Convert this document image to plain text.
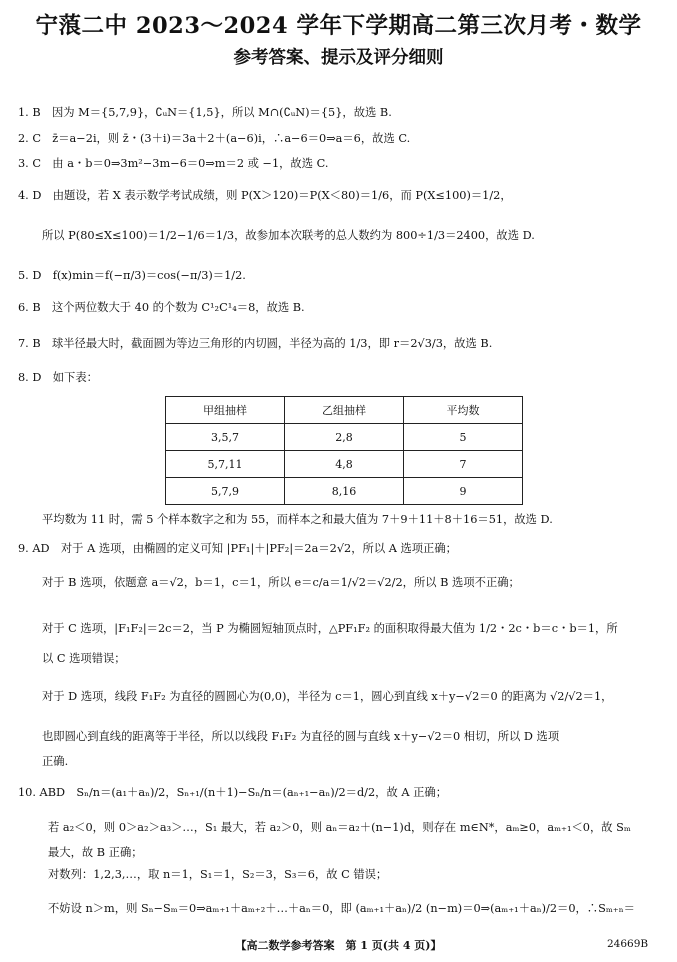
宁蒗二中 2023～2024 学年下学期高二第三次月考・数学
参考答案、提示及评分细则
1. B　因为 M＝{5,7,9}，∁ᵤN＝{1,5}，所以 M∩(∁ᵤN)＝{5}，故选 B.
2. C　z̄＝a−2i，则 z̄・(3＋i)＝3a＋2＋(a−6)i，∴a−6＝0⇒a＝6，故选 C.
3. C　由 a・b＝0⇒3m²−3m−6＝0⇒m＝2 或 −1，故选 C.
4. D　由题设，若 X 表示数学考试成绩，则 P(X＞120)＝P(X＜80)＝1/6，而 P(X≤100)＝1/2，
所以 P(80≤X≤100)＝1/2−1/6＝1/3，故参加本次联考的总人数约为 800÷1/3＝2400，故选 D.
5. D　f(x)min＝f(−π/3)＝cos(−π/3)＝1/2.
6. B　这个两位数大于 40 的个数为 C¹₂C¹₄＝8，故选 B.
7. B　球半径最大时，截面圆为等边三角形的内切圆，半径为高的 1/3，即 r＝2√3/3，故选 B.
8. D　如下表：
甲组抽样	乙组抽样	平均数
3,5,7	2,8	5
5,7,11	4,8	7
5,7,9	8,16	9
平均数为 11 时，需 5 个样本数字之和为 55，而样本之和最大值为 7＋9＋11＋8＋16＝51，故选 D.
9. AD　对于 A 选项，由椭圆的定义可知 |PF₁|＋|PF₂|＝2a＝2√2，所以 A 选项正确；
对于 B 选项，依题意 a＝√2，b＝1，c＝1，所以 e＝c/a＝1/√2＝√2/2，所以 B 选项不正确；
对于 C 选项，|F₁F₂|＝2c＝2，当 P 为椭圆短轴顶点时，△PF₁F₂ 的面积取得最大值为 1/2・2c・b＝c・b＝1，所
以 C 选项错误；
对于 D 选项，线段 F₁F₂ 为直径的圆圆心为(0,0)，半径为 c＝1，圆心到直线 x＋y−√2＝0 的距离为 √2/√2＝1，
也即圆心到直线的距离等于半径，所以以线段 F₁F₂ 为直径的圆与直线 x＋y−√2＝0 相切，所以 D 选项
正确.
10. ABD　Sₙ/n＝(a₁＋aₙ)/2，Sₙ₊₁/(n＋1)−Sₙ/n＝(aₙ₊₁−aₙ)/2＝d/2，故 A 正确；
若 a₂＜0，则 0＞a₂＞a₃＞…，S₁ 最大，若 a₂＞0，则 aₙ＝a₂＋(n−1)d，则存在 m∈N*，aₘ≥0，aₘ₊₁＜0，故 Sₘ
最大，故 B 正确；
对数列：1,2,3,…，取 n＝1，S₁＝1，S₂＝3，S₃＝6，故 C 错误；
不妨设 n＞m，则 Sₙ−Sₘ＝0⇒aₘ₊₁＋aₘ₊₂＋…＋aₙ＝0，即 (aₘ₊₁＋aₙ)/2 (n−m)＝0⇒(aₘ₊₁＋aₙ)/2＝0，∴Sₘ₊ₙ＝
【高二数学参考答案　第 1 页(共 4 页)】	24669B
